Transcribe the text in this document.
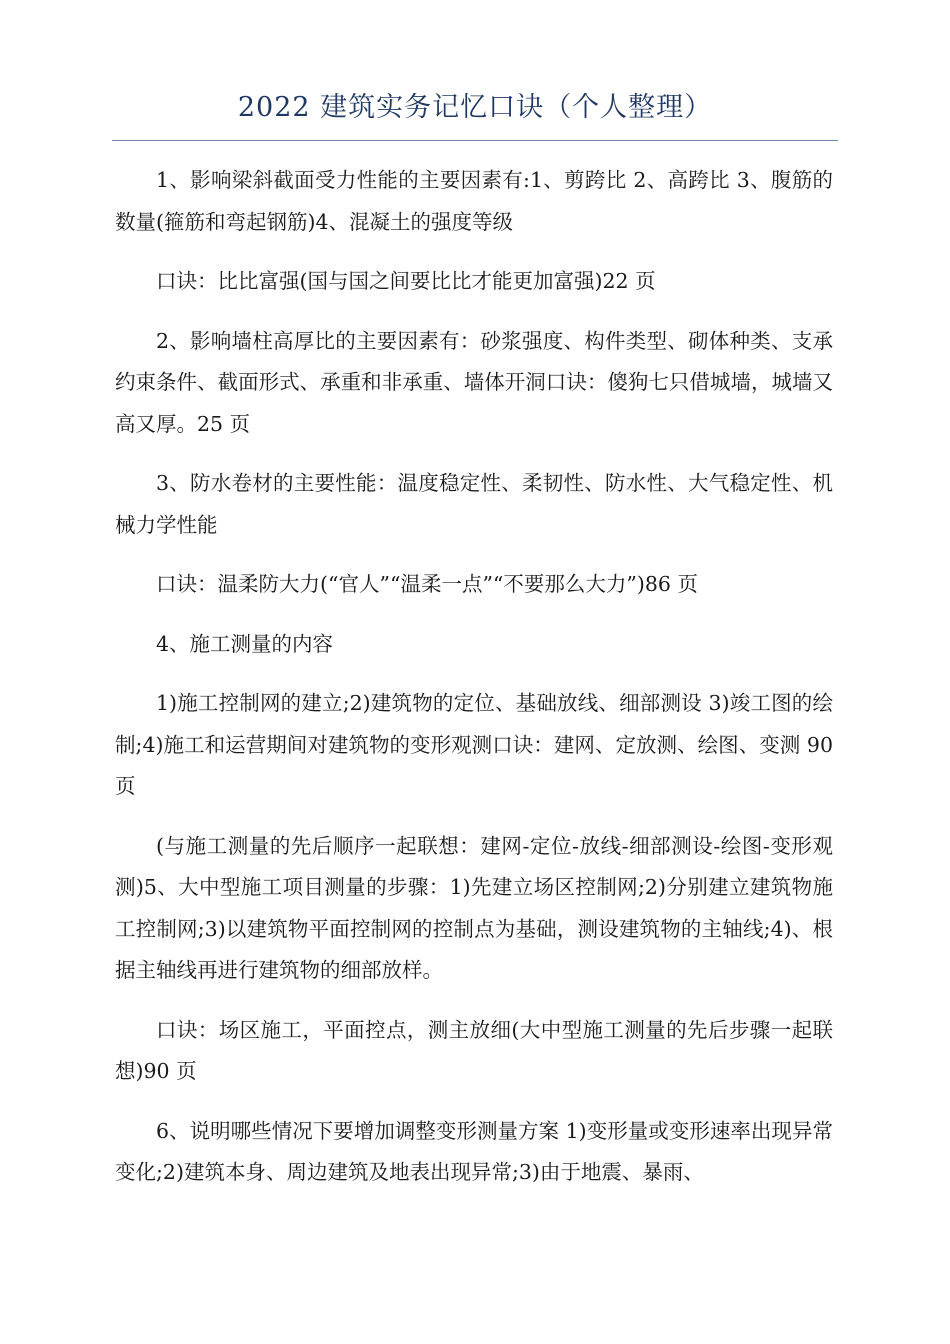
2022 建筑实务记忆口诀（个人整理）

1、影响梁斜截面受力性能的主要因素有:1、剪跨比 2、高跨比 3、腹筋的数量(箍筋和弯起钢筋)4、混凝土的强度等级

口诀：比比富强(国与国之间要比比才能更加富强)22 页

2、影响墙柱高厚比的主要因素有：砂浆强度、构件类型、砌体种类、支承约束条件、截面形式、承重和非承重、墙体开洞口诀：傻狗七只借城墙，城墙又高又厚。25 页

3、防水卷材的主要性能：温度稳定性、柔韧性、防水性、大气稳定性、机械力学性能

口诀：温柔防大力(“官人”“温柔一点”“不要那么大力”)86 页

4、施工测量的内容

1)施工控制网的建立;2)建筑物的定位、基础放线、细部测设 3)竣工图的绘制;4)施工和运营期间对建筑物的变形观测口诀：建网、定放测、绘图、变测 90 页

(与施工测量的先后顺序一起联想：建网-定位-放线-细部测设-绘图-变形观测)5、大中型施工项目测量的步骤：1)先建立场区控制网;2)分别建立建筑物施工控制网;3)以建筑物平面控制网的控制点为基础，测设建筑物的主轴线;4)、根据主轴线再进行建筑物的细部放样。

口诀：场区施工，平面控点，测主放细(大中型施工测量的先后步骤一起联想)90 页

6、说明哪些情况下要增加调整变形测量方案 1)变形量或变形速率出现异常变化;2)建筑本身、周边建筑及地表出现异常;3)由于地震、暴雨、
